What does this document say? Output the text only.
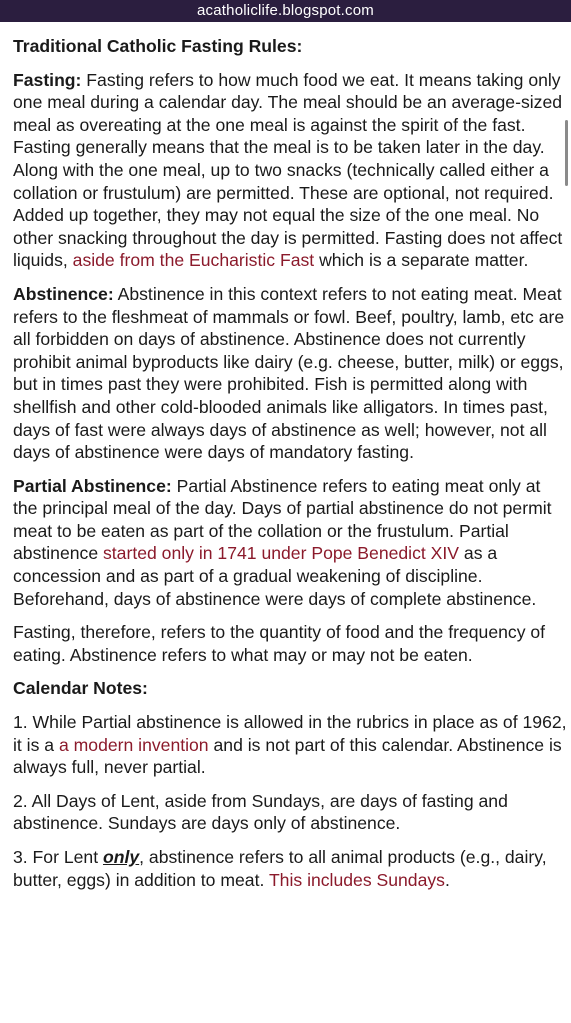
acatholiclife.blogspot.com
Traditional Catholic Fasting Rules:

Fasting: Fasting refers to how much food we eat. It means taking only one meal during a calendar day. The meal should be an average-sized meal as overeating at the one meal is against the spirit of the fast. Fasting generally means that the meal is to be taken later in the day. Along with the one meal, up to two snacks (technically called either a collation or frustulum) are permitted. These are optional, not required. Added up together, they may not equal the size of the one meal. No other snacking throughout the day is permitted. Fasting does not affect liquids, aside from the Eucharistic Fast which is a separate matter.

Abstinence: Abstinence in this context refers to not eating meat. Meat refers to the fleshmeat of mammals or fowl. Beef, poultry, lamb, etc are all forbidden on days of abstinence. Abstinence does not currently prohibit animal byproducts like dairy (e.g. cheese, butter, milk) or eggs, but in times past they were prohibited. Fish is permitted along with shellfish and other cold-blooded animals like alligators. In times past, days of fast were always days of abstinence as well; however, not all days of abstinence were days of mandatory fasting.

Partial Abstinence: Partial Abstinence refers to eating meat only at the principal meal of the day. Days of partial abstinence do not permit meat to be eaten as part of the collation or the frustulum. Partial abstinence started only in 1741 under Pope Benedict XIV as a concession and as part of a gradual weakening of discipline. Beforehand, days of abstinence were days of complete abstinence.

Fasting, therefore, refers to the quantity of food and the frequency of eating. Abstinence refers to what may or may not be eaten.

Calendar Notes:

1. While Partial abstinence is allowed in the rubrics in place as of 1962, it is a a modern invention and is not part of this calendar. Abstinence is always full, never partial.

2. All Days of Lent, aside from Sundays, are days of fasting and abstinence. Sundays are days only of abstinence.

3. For Lent only, abstinence refers to all animal products (e.g., dairy, butter, eggs) in addition to meat. This includes Sundays.
